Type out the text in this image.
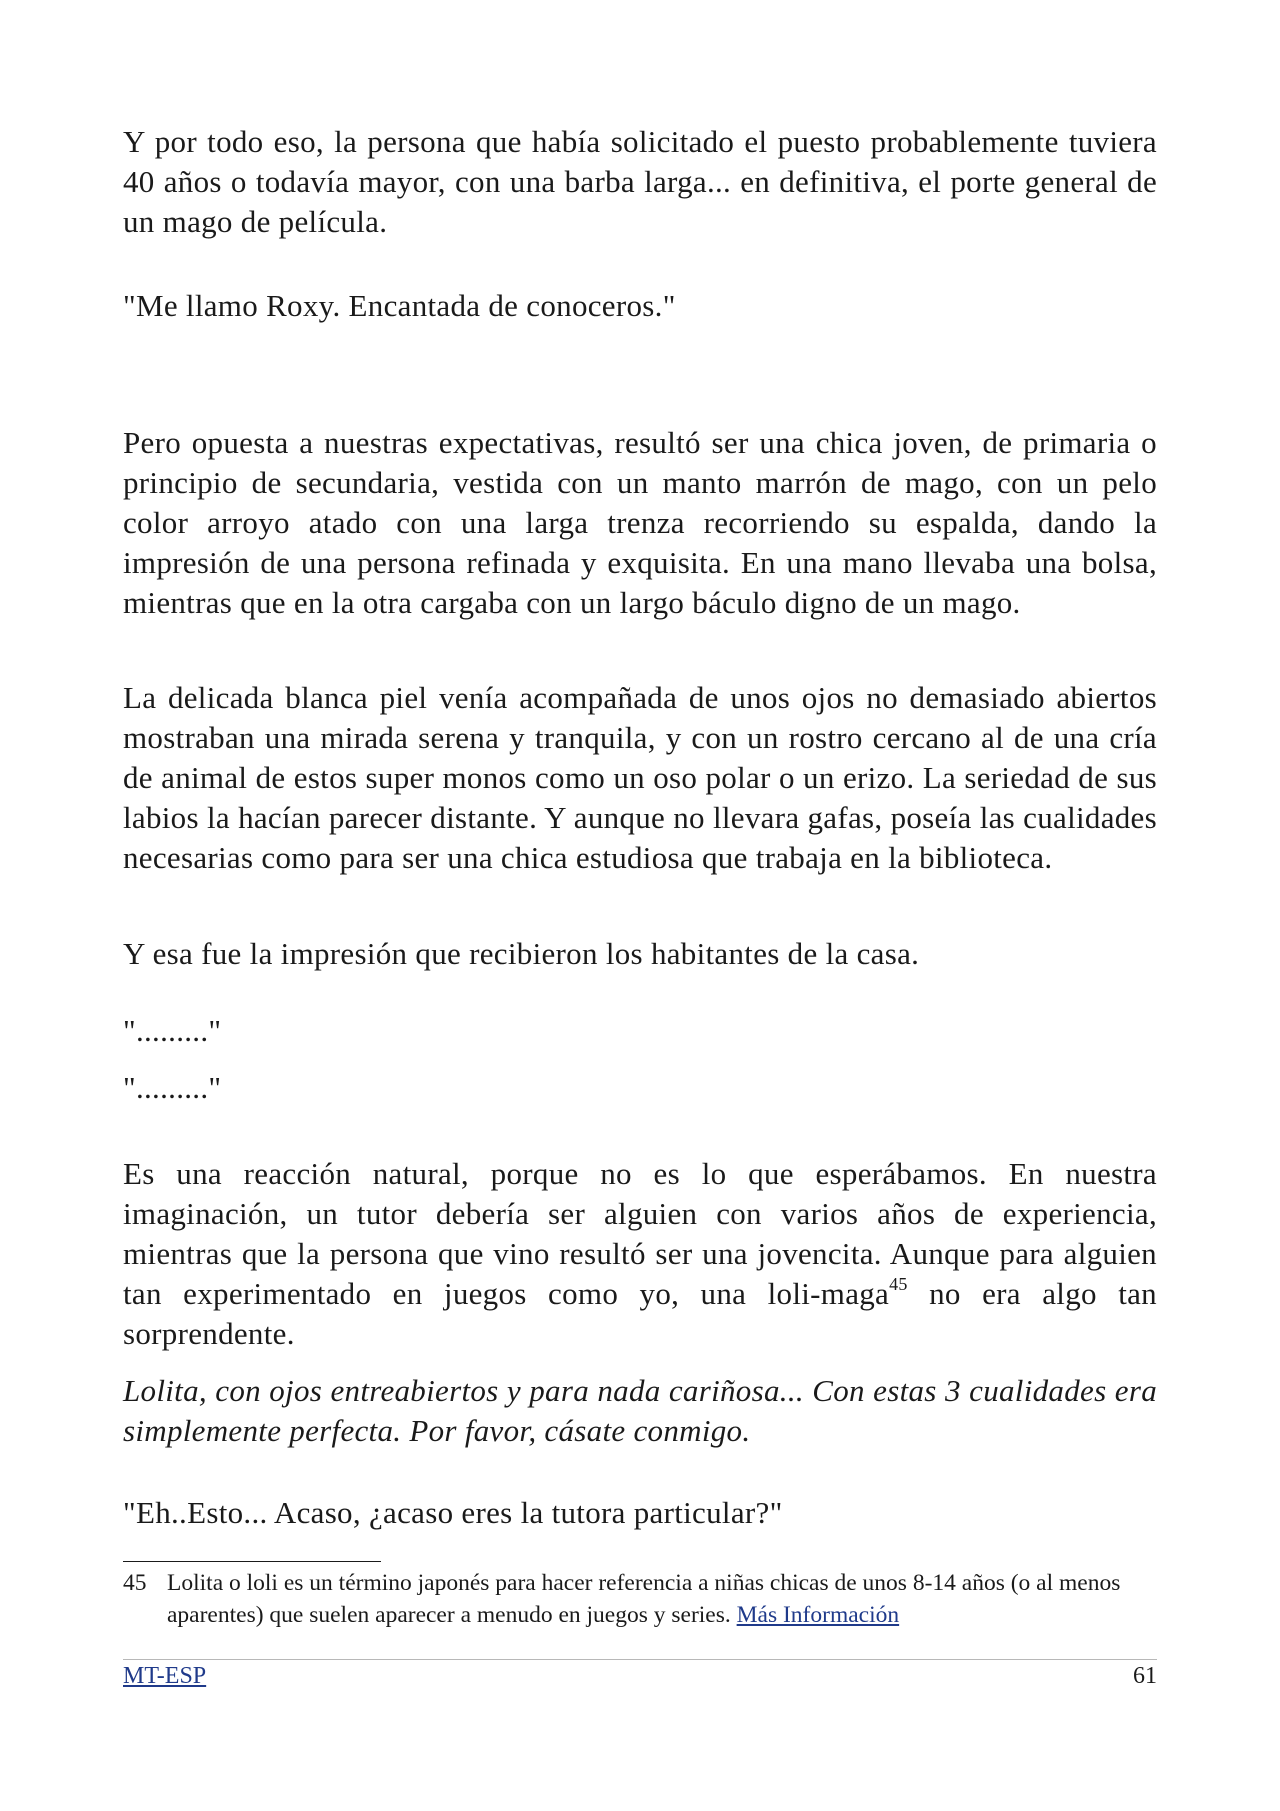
Y por todo eso, la persona que había solicitado el puesto probablemente tuviera 40 años o todavía mayor, con una barba larga... en definitiva, el porte general de un mago de película.

"Me llamo Roxy. Encantada de conoceros."

Pero opuesta a nuestras expectativas, resultó ser una chica joven, de primaria o principio de secundaria, vestida con un manto marrón de mago, con un pelo color arroyo atado con una larga trenza recorriendo su espalda, dando la impresión de una persona refinada y exquisita. En una mano llevaba una bolsa, mientras que en la otra cargaba con un largo báculo digno de un mago.

La delicada blanca piel venía acompañada de unos ojos no demasiado abiertos mostraban una mirada serena y tranquila, y con un rostro cercano al de una cría de animal de estos super monos como un oso polar o un erizo. La seriedad de sus labios la hacían parecer distante. Y aunque no llevara gafas, poseía las cualidades necesarias como para ser una chica estudiosa que trabaja en la biblioteca.

Y esa fue la impresión que recibieron los habitantes de la casa.

"........."

"........."

Es una reacción natural, porque no es lo que esperábamos. En nuestra imaginación, un tutor debería ser alguien con varios años de experiencia, mientras que la persona que vino resultó ser una jovencita. Aunque para alguien tan experimentado en juegos como yo, una loli-maga$^{45}$ no era algo tan sorprendente.

Lolita, con ojos entreabiertos y para nada cariñosa... Con estas 3 cualidades era simplemente perfecta. Por favor, cásate conmigo.

"Eh..Esto... Acaso, ¿acaso eres la tutora particular?"

45 Lolita o loli es un término japonés para hacer referencia a niñas chicas de unos 8-14 años (o al menos aparentes) que suelen aparecer a menudo en juegos y series. Más Información
MT-ESP	61
